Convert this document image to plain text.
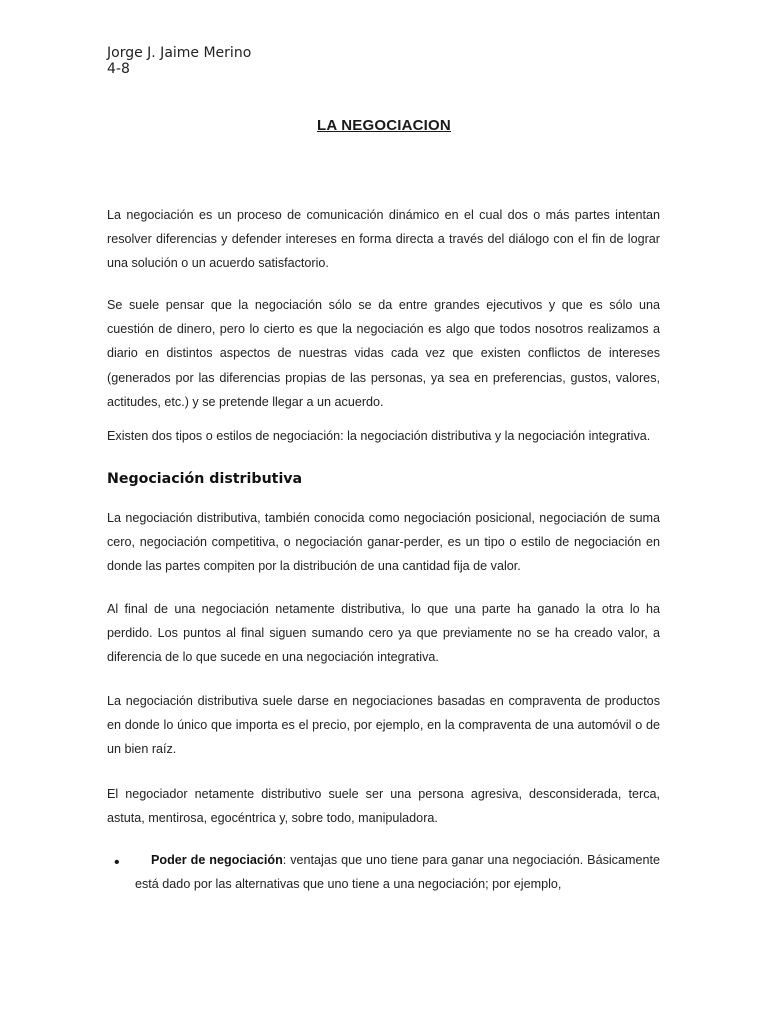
Jorge J. Jaime Merino
4-8
LA NEGOCIACION

La negociación es un proceso de comunicación dinámico en el cual dos o más partes intentan resolver diferencias y defender intereses en forma directa a través del diálogo con el fin de lograr una solución o un acuerdo satisfactorio.

Se suele pensar que la negociación sólo se da entre grandes ejecutivos y que es sólo una cuestión de dinero, pero lo cierto es que la negociación es algo que todos nosotros realizamos a diario en distintos aspectos de nuestras vidas cada vez que existen conflictos de intereses (generados por las diferencias propias de las personas, ya sea en preferencias, gustos, valores, actitudes, etc.) y se pretende llegar a un acuerdo.

Existen dos tipos o estilos de negociación: la negociación distributiva y la negociación integrativa.

Negociación distributiva

La negociación distributiva, también conocida como negociación posicional, negociación de suma cero, negociación competitiva, o negociación ganar-perder, es un tipo o estilo de negociación en donde las partes compiten por la distribución de una cantidad fija de valor.

Al final de una negociación netamente distributiva, lo que una parte ha ganado la otra lo ha perdido. Los puntos al final siguen sumando cero ya que previamente no se ha creado valor, a diferencia de lo que sucede en una negociación integrativa.

La negociación distributiva suele darse en negociaciones basadas en compraventa de productos en donde lo único que importa es el precio, por ejemplo, en la compraventa de una automóvil o de un bien raíz.

El negociador netamente distributivo suele ser una persona agresiva, desconsiderada, terca, astuta, mentirosa, egocéntrica y, sobre todo, manipuladora.

•	Poder de negociación: ventajas que uno tiene para ganar una negociación. Básicamente está dado por las alternativas que uno tiene a una negociación; por ejemplo,
